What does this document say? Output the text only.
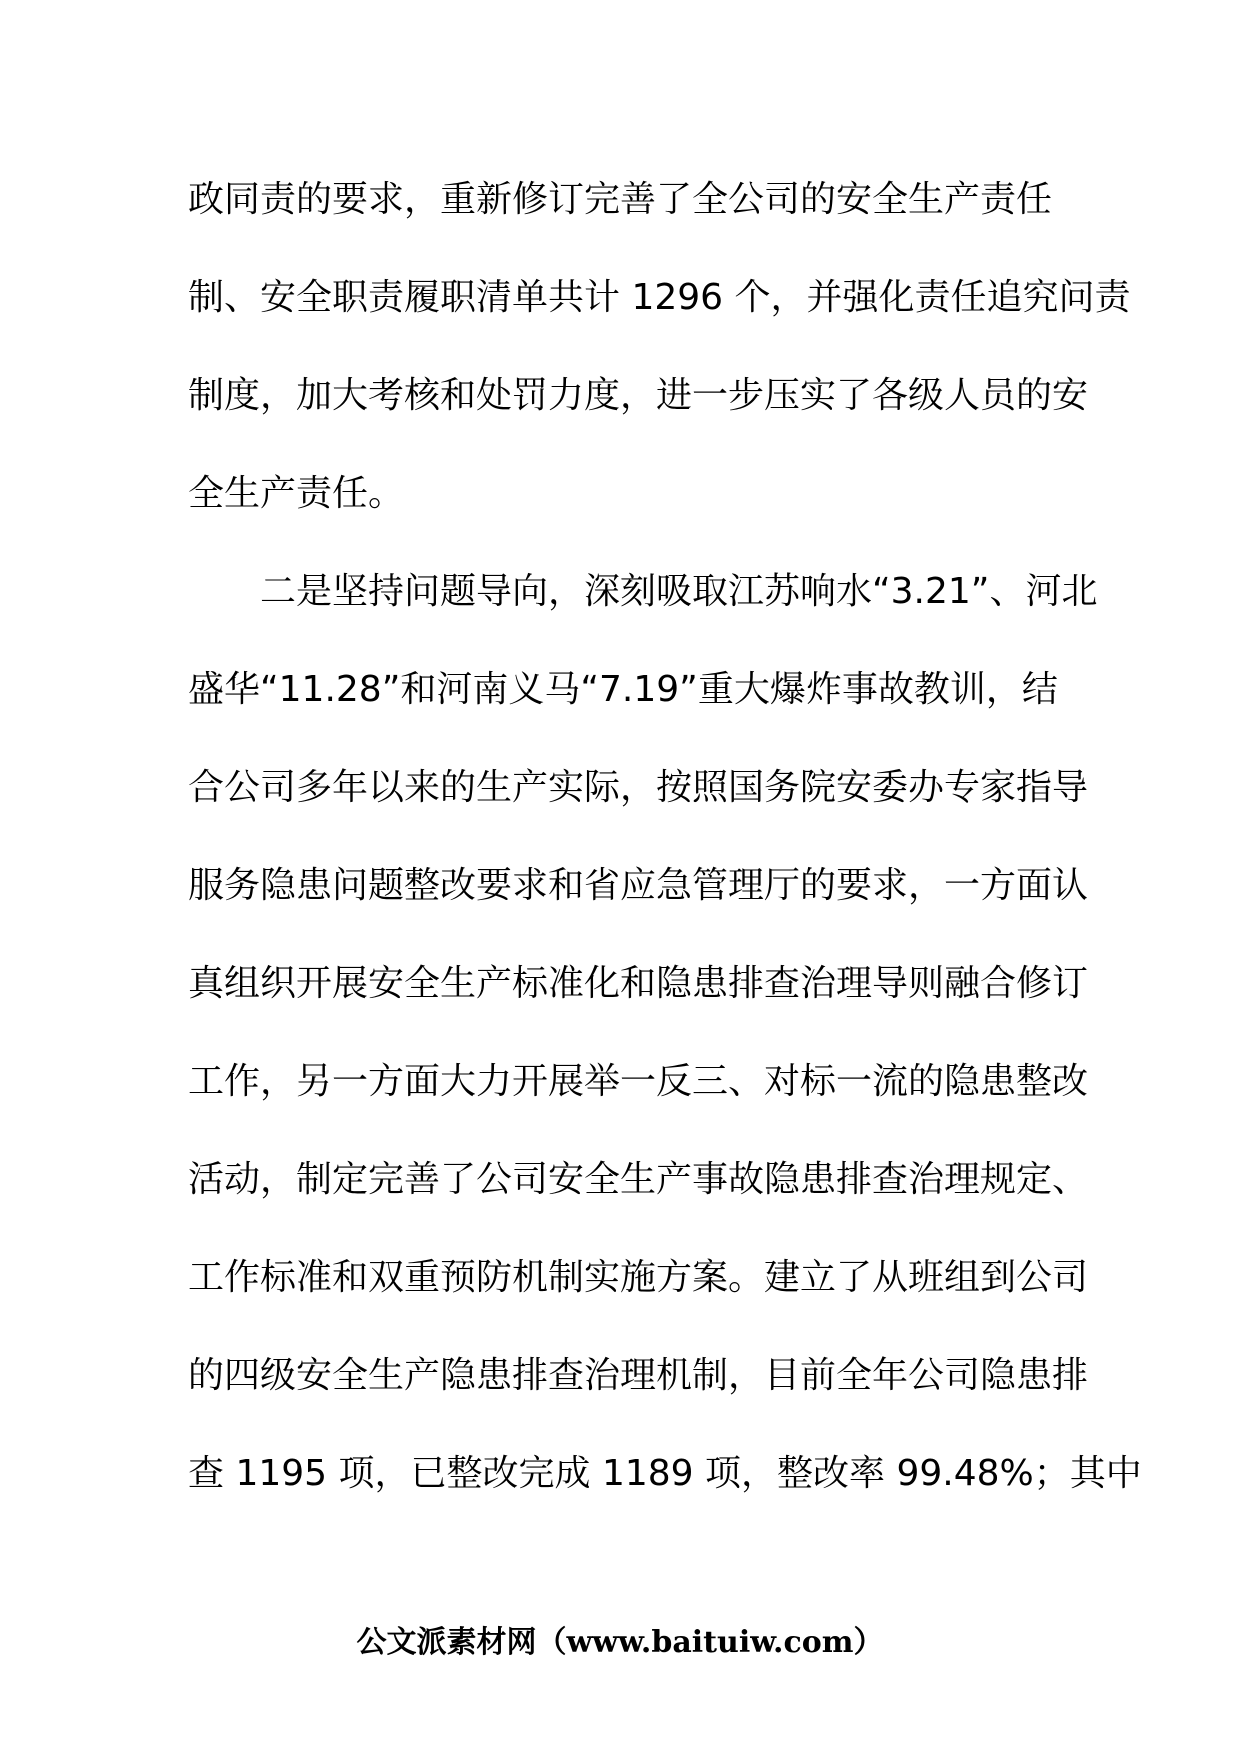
政同责的要求，重新修订完善了全公司的安全生产责任
制、安全职责履职清单共计 1296 个，并强化责任追究问责
制度，加大考核和处罚力度，进一步压实了各级人员的安
全生产责任。
　　二是坚持问题导向，深刻吸取江苏响水“3.21”、河北
盛华“11.28”和河南义马“7.19”重大爆炸事故教训，结
合公司多年以来的生产实际，按照国务院安委办专家指导
服务隐患问题整改要求和省应急管理厅的要求，一方面认
真组织开展安全生产标准化和隐患排查治理导则融合修订
工作，另一方面大力开展举一反三、对标一流的隐患整改
活动，制定完善了公司安全生产事故隐患排查治理规定、
工作标准和双重预防机制实施方案。建立了从班组到公司
的四级安全生产隐患排查治理机制，目前全年公司隐患排
查 1195 项，已整改完成 1189 项，整改率 99.48%；其中
公文派素材网（www.baituiw.com）
